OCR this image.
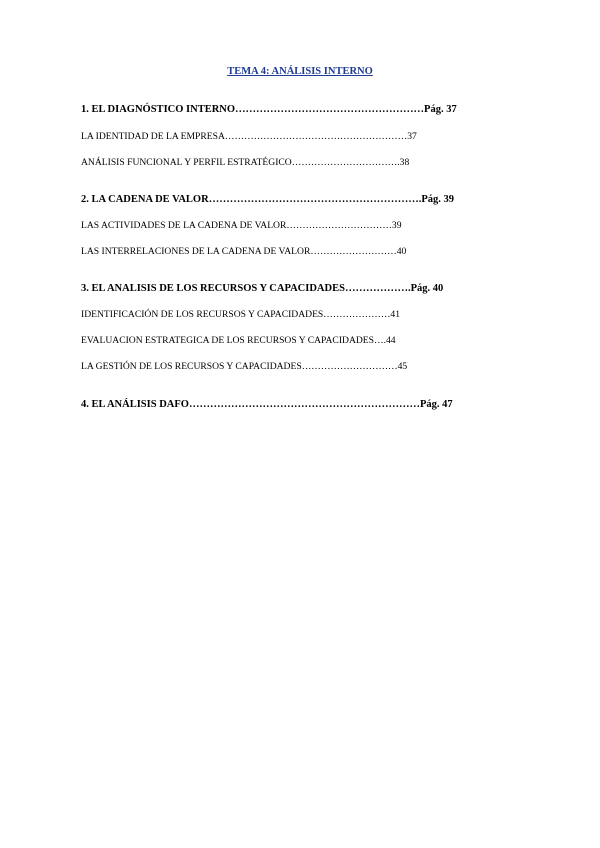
TEMA 4: ANÁLISIS INTERNO
1. EL DIAGNÓSTICO INTERNO………………………………………………Pág. 37
LA IDENTIDAD DE LA EMPRESA…………………………………………………37
ANÁLISIS FUNCIONAL Y PERFIL ESTRATÉGICO…………………………….38
2. LA CADENA DE VALOR…………………………………………………….Pág. 39
LAS ACTIVIDADES DE LA CADENA DE VALOR……………………………39
LAS INTERRELACIONES DE LA CADENA DE VALOR………………………40
3. EL ANALISIS DE LOS RECURSOS Y CAPACIDADES……………….Pág. 40
IDENTIFICACIÓN DE LOS RECURSOS Y CAPACIDADES…………………41
EVALUACION ESTRATEGICA DE LOS RECURSOS Y CAPACIDADES….44
LA GESTIÓN DE LOS RECURSOS Y CAPACIDADES…………………………45
4. EL ANÁLISIS DAFO…………………………………………………………Pág. 47
